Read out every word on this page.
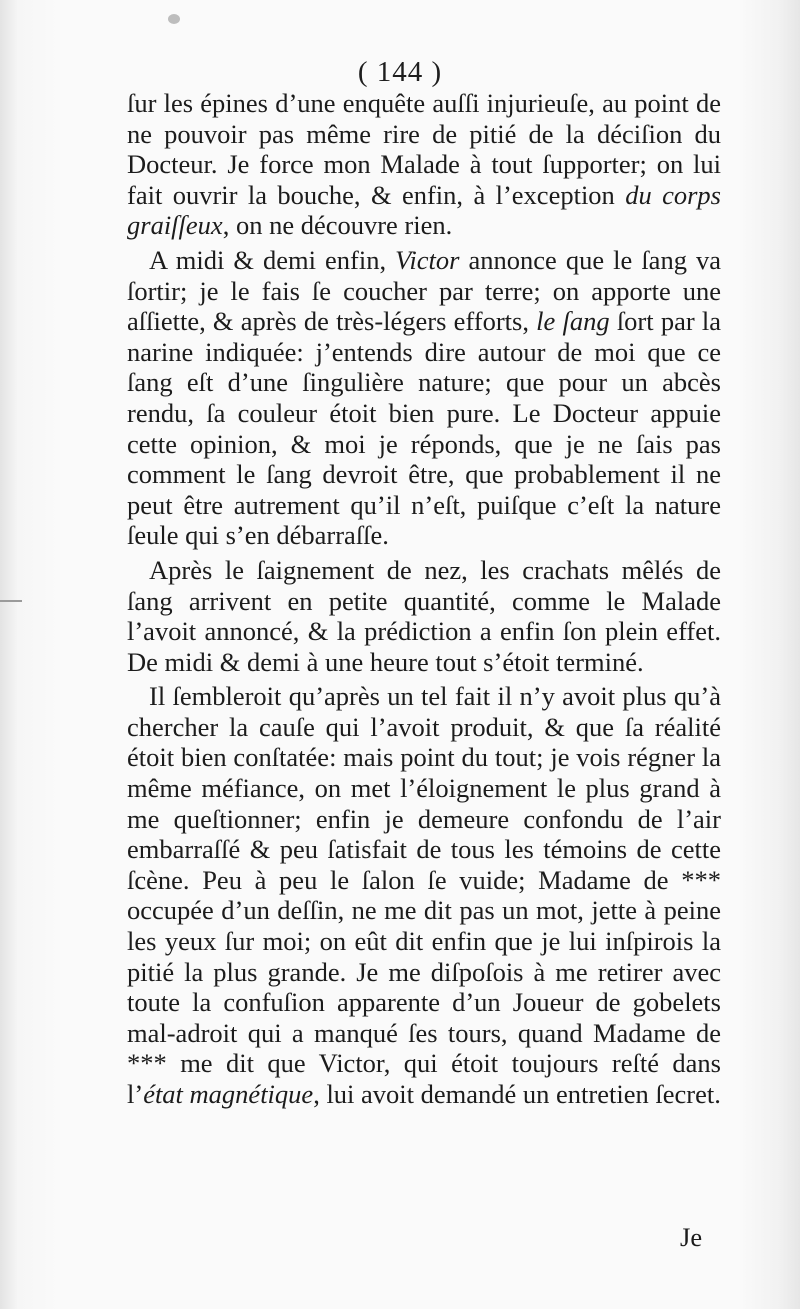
( 144 )

ſur les épines d’une enquête auſſi injurieuſe, au point de ne pouvoir pas même rire de pitié de la déciſion du Docteur. Je force mon Malade à tout ſupporter; on lui fait ouvrir la bouche, & enfin, à l’exception du corps graiſſeux, on ne découvre rien.

A midi & demi enfin, Victor annonce que le ſang va ſortir; je le fais ſe coucher par terre; on apporte une aſſiette, & après de très-légers efforts, le ſang ſort par la narine indiquée: j’entends dire autour de moi que ce ſang eſt d’une ſingulière nature; que pour un abcès rendu, ſa couleur étoit bien pure. Le Docteur appuie cette opinion, & moi je réponds, que je ne ſais pas comment le ſang devroit être, que probablement il ne peut être autrement qu’il n’eſt, puiſque c’eſt la nature ſeule qui s’en débarraſſe.

Après le ſaignement de nez, les crachats mêlés de ſang arrivent en petite quantité, comme le Malade l’avoit annoncé, & la prédiction a enfin ſon plein effet. De midi & demi à une heure tout s’étoit terminé.

Il ſembleroit qu’après un tel fait il n’y avoit plus qu’à chercher la cauſe qui l’avoit produit, & que ſa réalité étoit bien conſtatée: mais point du tout; je vois régner la même méfiance, on met l’éloignement le plus grand à me queſtionner; enfin je demeure confondu de l’air embarraſſé & peu ſatisfait de tous les témoins de cette ſcène. Peu à peu le ſalon ſe vuide; Madame de *** occupée d’un deſſin, ne me dit pas un mot, jette à peine les yeux ſur moi; on eût dit enfin que je lui inſpirois la pitié la plus grande. Je me diſpoſois à me retirer avec toute la confuſion apparente d’un Joueur de gobelets mal-adroit qui a manqué ſes tours, quand Madame de *** me dit que Victor, qui étoit toujours reſté dans l’état magnétique, lui avoit demandé un entretien ſecret.

Je
